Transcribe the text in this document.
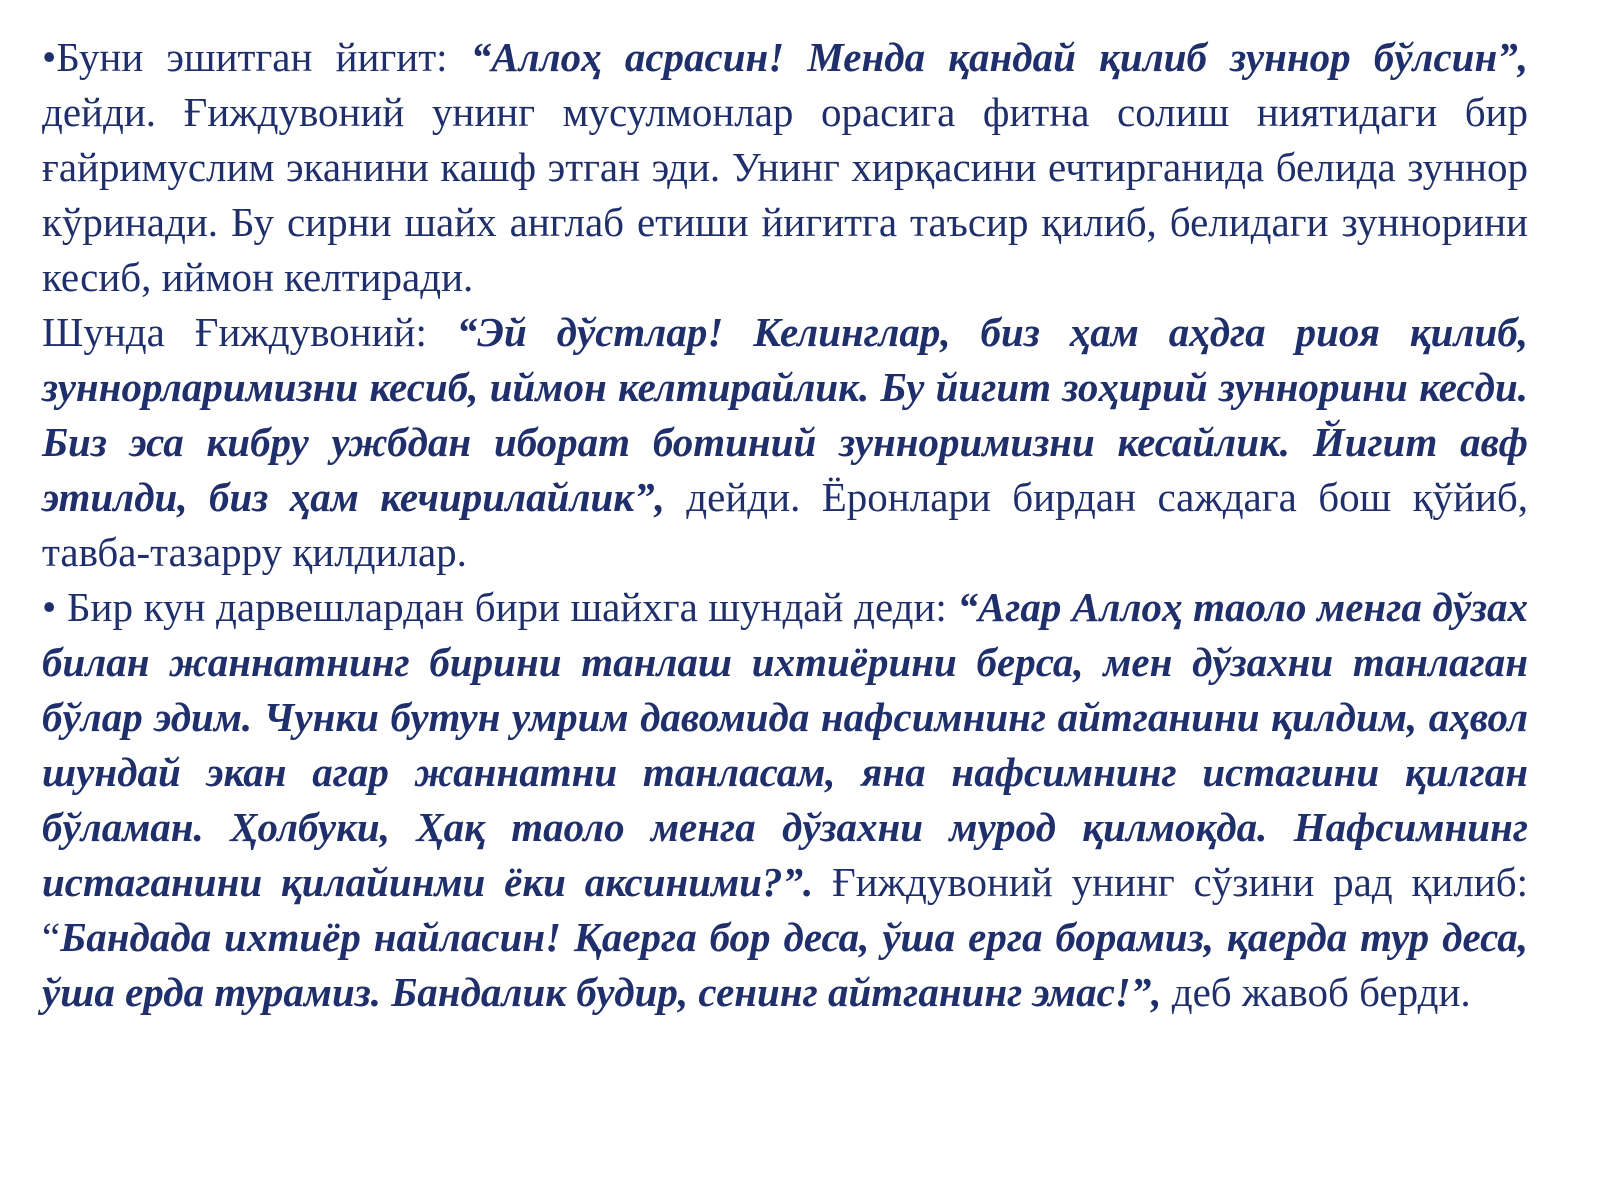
•Буни эшитган йигит: “Аллоҳ асрасин! Менда қандай қилиб зуннор бўлсин”, дейди. Ғиждувоний унинг мусулмонлар орасига фитна солиш ниятидаги бир ғайримуслим эканини кашф этган эди. Унинг хирқасини ечтирганида белида зуннор кўринади. Бу сирни шайх англаб етиши йигитга таъсир қилиб, белидаги зуннорини кесиб, иймон келтиради.

Шунда Ғиждувоний: “Эй дўстлар! Келинглар, биз ҳам аҳдга риоя қилиб, зуннорларимизни кесиб, иймон келтирайлик. Бу йигит зоҳирий зуннорини кесди. Биз эса кибру ужбдан иборат ботиний зунноримизни кесайлик. Йигит авф этилди, биз ҳам кечирилайлик”, дейди. Ёронлари бирдан саждага бош қўйиб, тавба-тазарру қилдилар.

• Бир кун дарвешлардан бири шайхга шундай деди: “Агар Аллоҳ таоло менга дўзах билан жаннатнинг бирини танлаш ихтиёрини берса, мен дўзахни танлаган бўлар эдим. Чунки бутун умрим давомида нафсимнинг айтганини қилдим, аҳвол шундай экан агар жаннатни танласам, яна нафсимнинг истагини қилган бўламан. Ҳолбуки, Ҳақ таоло менга дўзахни мурод қилмоқда. Нафсимнинг истаганини қилайинми ёки аксиними?”. Ғиждувоний унинг сўзини рад қилиб: “Бандада ихтиёр найласин! Қаерга бор деса, ўша ерга борамиз, қаерда тур деса, ўша ерда турамиз. Бандалик будир, сенинг айтганинг эмас!”, деб жавоб берди.
